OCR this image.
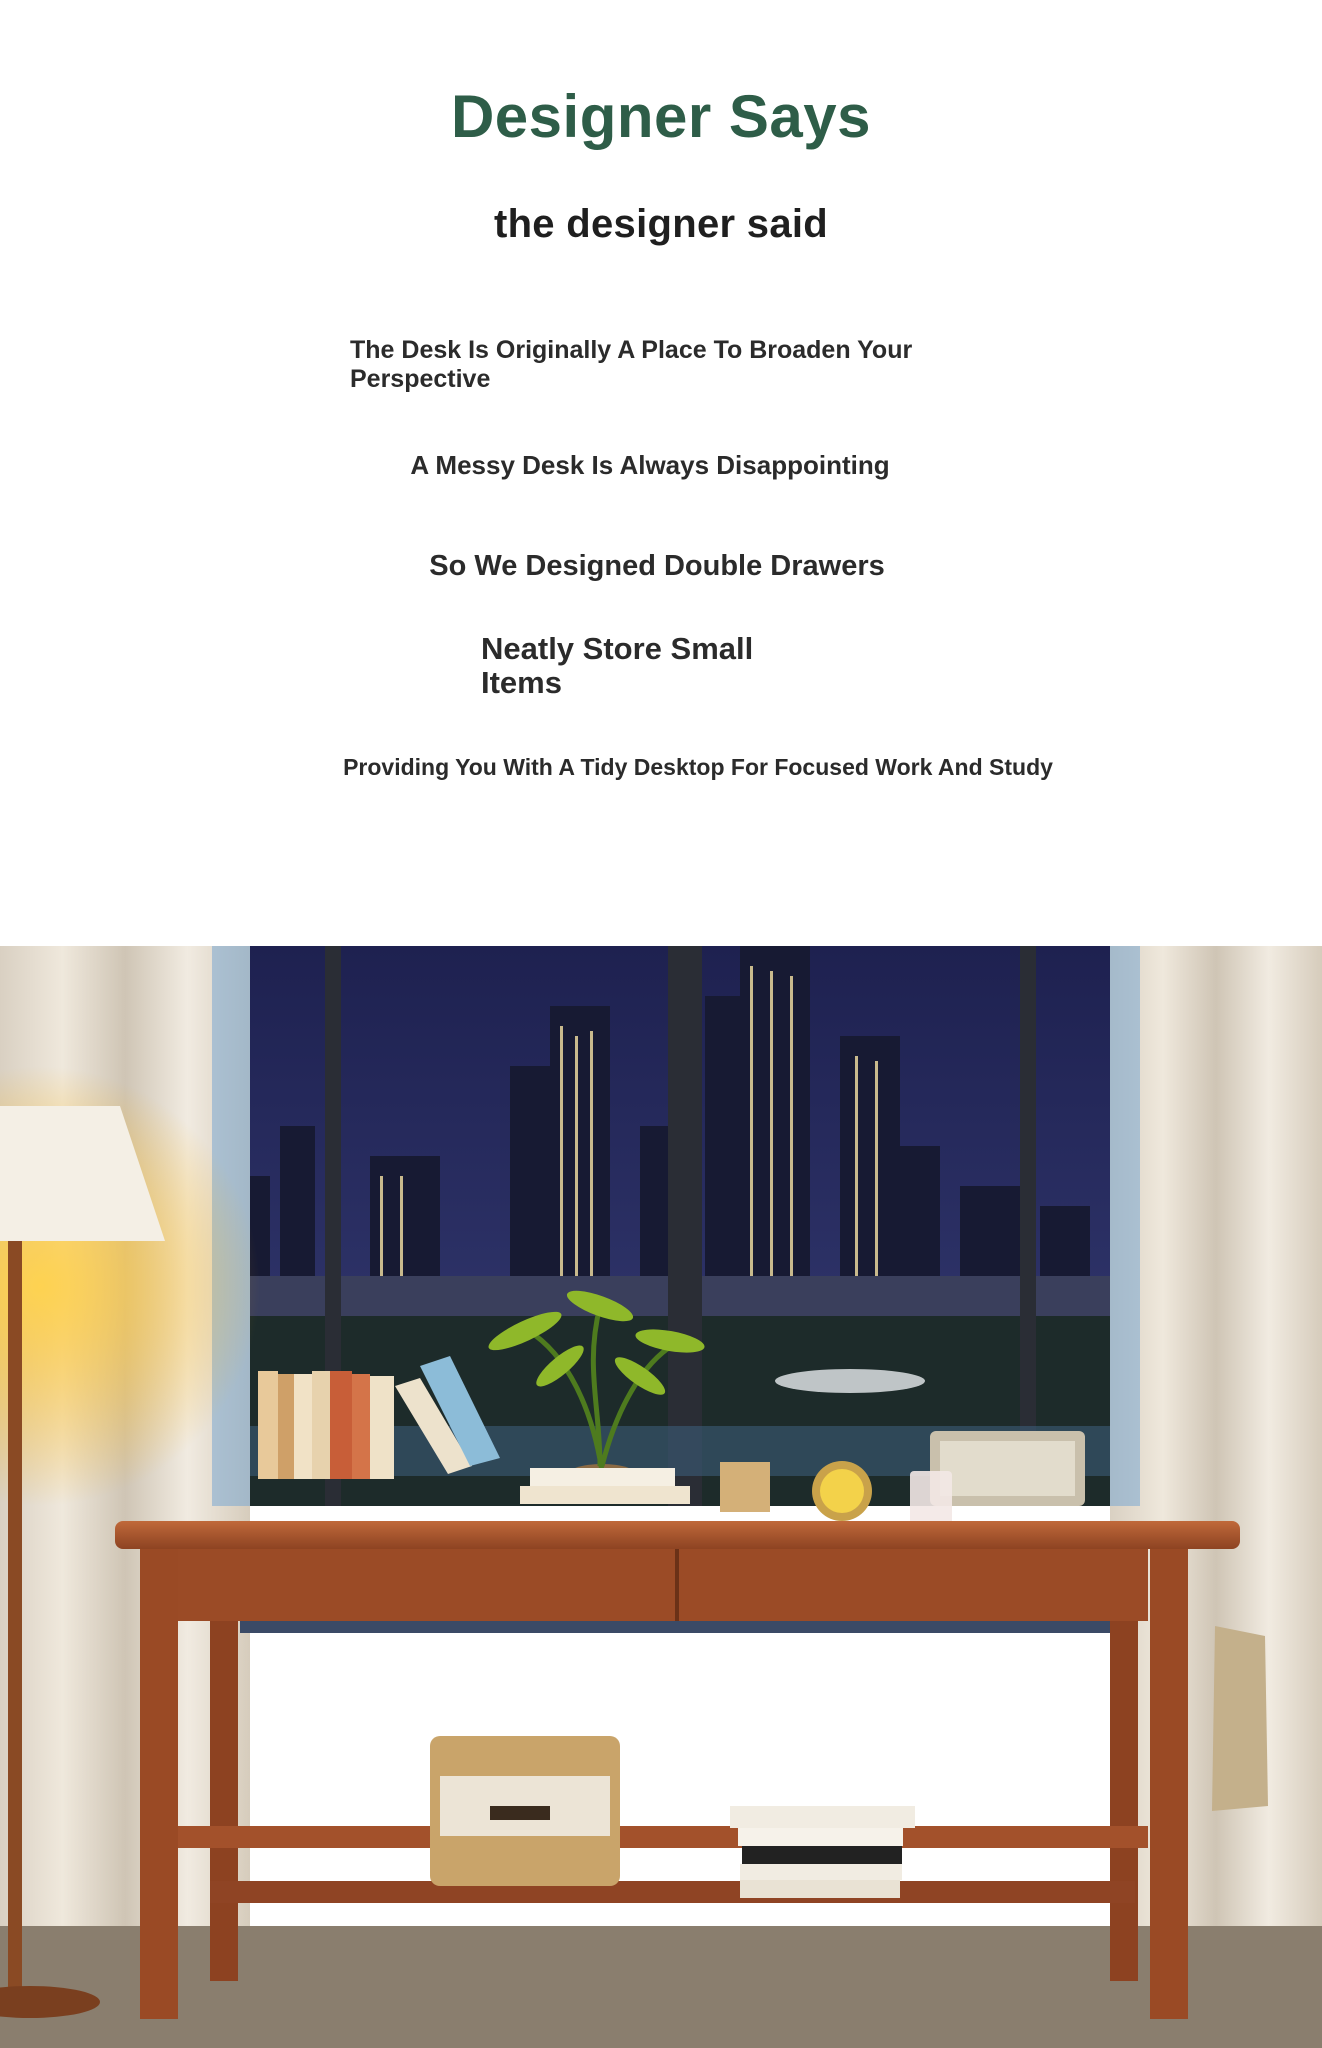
Designer Says
the designer said

The Desk Is Originally A Place To Broaden Your Perspective

A Messy Desk Is Always Disappointing

So We Designed Double Drawers

Neatly Store Small Items

Providing You With A Tidy Desktop For Focused Work And Study
